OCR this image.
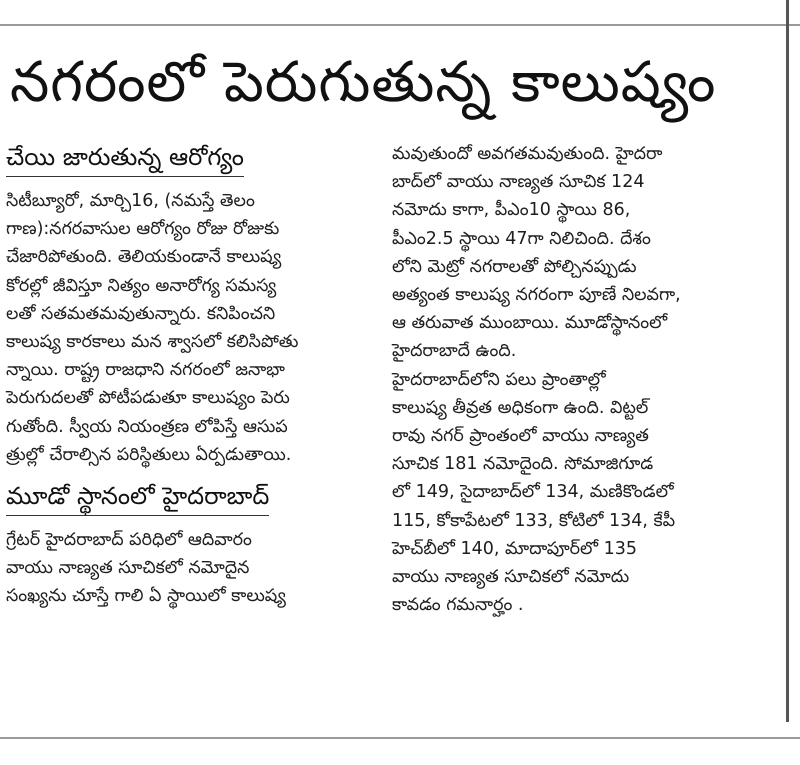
నగరంలో పెరుగుతున్న కాలుష్యం
చేయి జారుతున్న ఆరోగ్యం
సిటీబ్యూరో, మార్చి16, (నమస్తే తెలం
గాణ):నగరవాసుల ఆరోగ్యం రోజు రోజుకు
చేజారిపోతుంది. తెలియకుండానే కాలుష్య
కోరల్లో జీవిస్తూ నిత్యం అనారోగ్య సమస్య
లతో సతమతమవుతున్నారు. కనిపించని
కాలుష్య కారకాలు మన శ్వాసలో కలిసిపోతు
న్నాయి. రాష్ట్ర రాజధాని నగరంలో జనాభా
పెరుగుదలతో పోటీపడుతూ కాలుష్యం పెరు
గుతోంది. స్వీయ నియంత్రణ లోపిస్తే ఆసుప
త్రుల్లో చేరాల్సిన పరిస్థితులు ఏర్పడుతాయి.
మూడో స్థానంలో హైదరాబాద్
గ్రేటర్ హైదరాబాద్ పరిధిలో ఆదివారం
వాయు నాణ్యత సూచికలో నమోదైన
సంఖ్యను చూస్తే గాలి ఏ స్థాయిలో కాలుష్య
మవుతుందో అవగతమవుతుంది. హైదరా
బాద్‌లో వాయు నాణ్యత సూచిక 124
నమోదు కాగా, పీఎం10 స్థాయి 86,
పీఎం2.5 స్థాయి 47గా నిలిచింది. దేశం
లోని మెట్రో నగరాలతో పోల్చినప్పుడు
అత్యంత కాలుష్య నగరంగా పూణే నిలవగా,
ఆ తరువాత ముంబాయి. మూడోస్థానంలో
హైదరాబాదే ఉంది.
హైదరాబాద్‌లోని పలు ప్రాంతాల్లో
కాలుష్య తీవ్రత అధికంగా ఉంది. విట్టల్
రావు నగర్ ప్రాంతంలో వాయు నాణ్యత
సూచిక 181 నమోదైంది. సోమాజిగూడ
లో 149, సైదాబాద్‌లో 134, మణికొండలో
115, కోకాపేటలో 133, కోటిలో 134, కేపీ
హెచ్‌బీలో 140, మాదాపూర్‌లో 135
వాయు నాణ్యత సూచికలో నమోదు
కావడం గమనార్హం .
